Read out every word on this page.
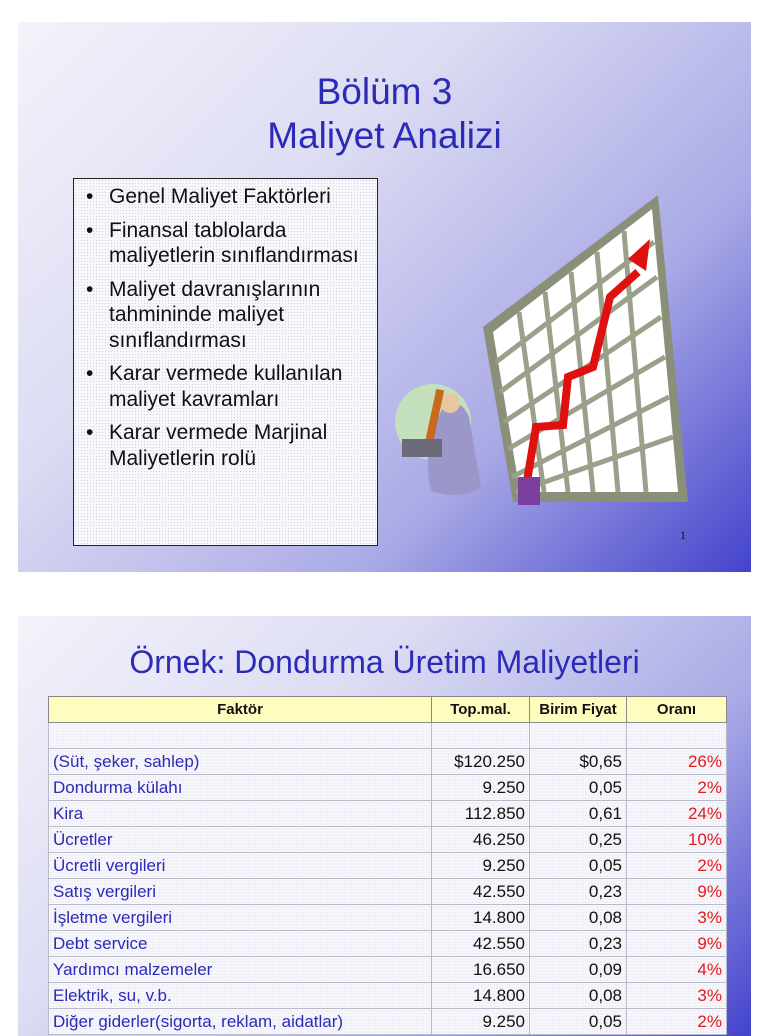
Bölüm 3
Maliyet Analizi
• Genel Maliyet Faktörleri
• Finansal tablolarda maliyetlerin sınıflandırması
• Maliyet davranışlarının tahmininde maliyet sınıflandırması
• Karar vermede kullanılan maliyet kavramları
• Karar vermede Marjinal Maliyetlerin rolü
1
Örnek: Dondurma Üretim Maliyetleri
Faktör	Top.mal.	Birim Fiyat	Oranı

(Süt, şeker, sahlep)	$120.250	$0,65	26%
Dondurma külahı	9.250	0,05	2%
Kira	112.850	0,61	24%
Ücretler	46.250	0,25	10%
Ücretli vergileri	9.250	0,05	2%
Satış vergileri	42.550	0,23	9%
İşletme vergileri	14.800	0,08	3%
Debt service	42.550	0,23	9%
Yardımcı malzemeler	16.650	0,09	4%
Elektrik, su, v.b.	14.800	0,08	3%
Diğer giderler(sigorta, reklam, aidatlar)	9.250	0,05	2%
